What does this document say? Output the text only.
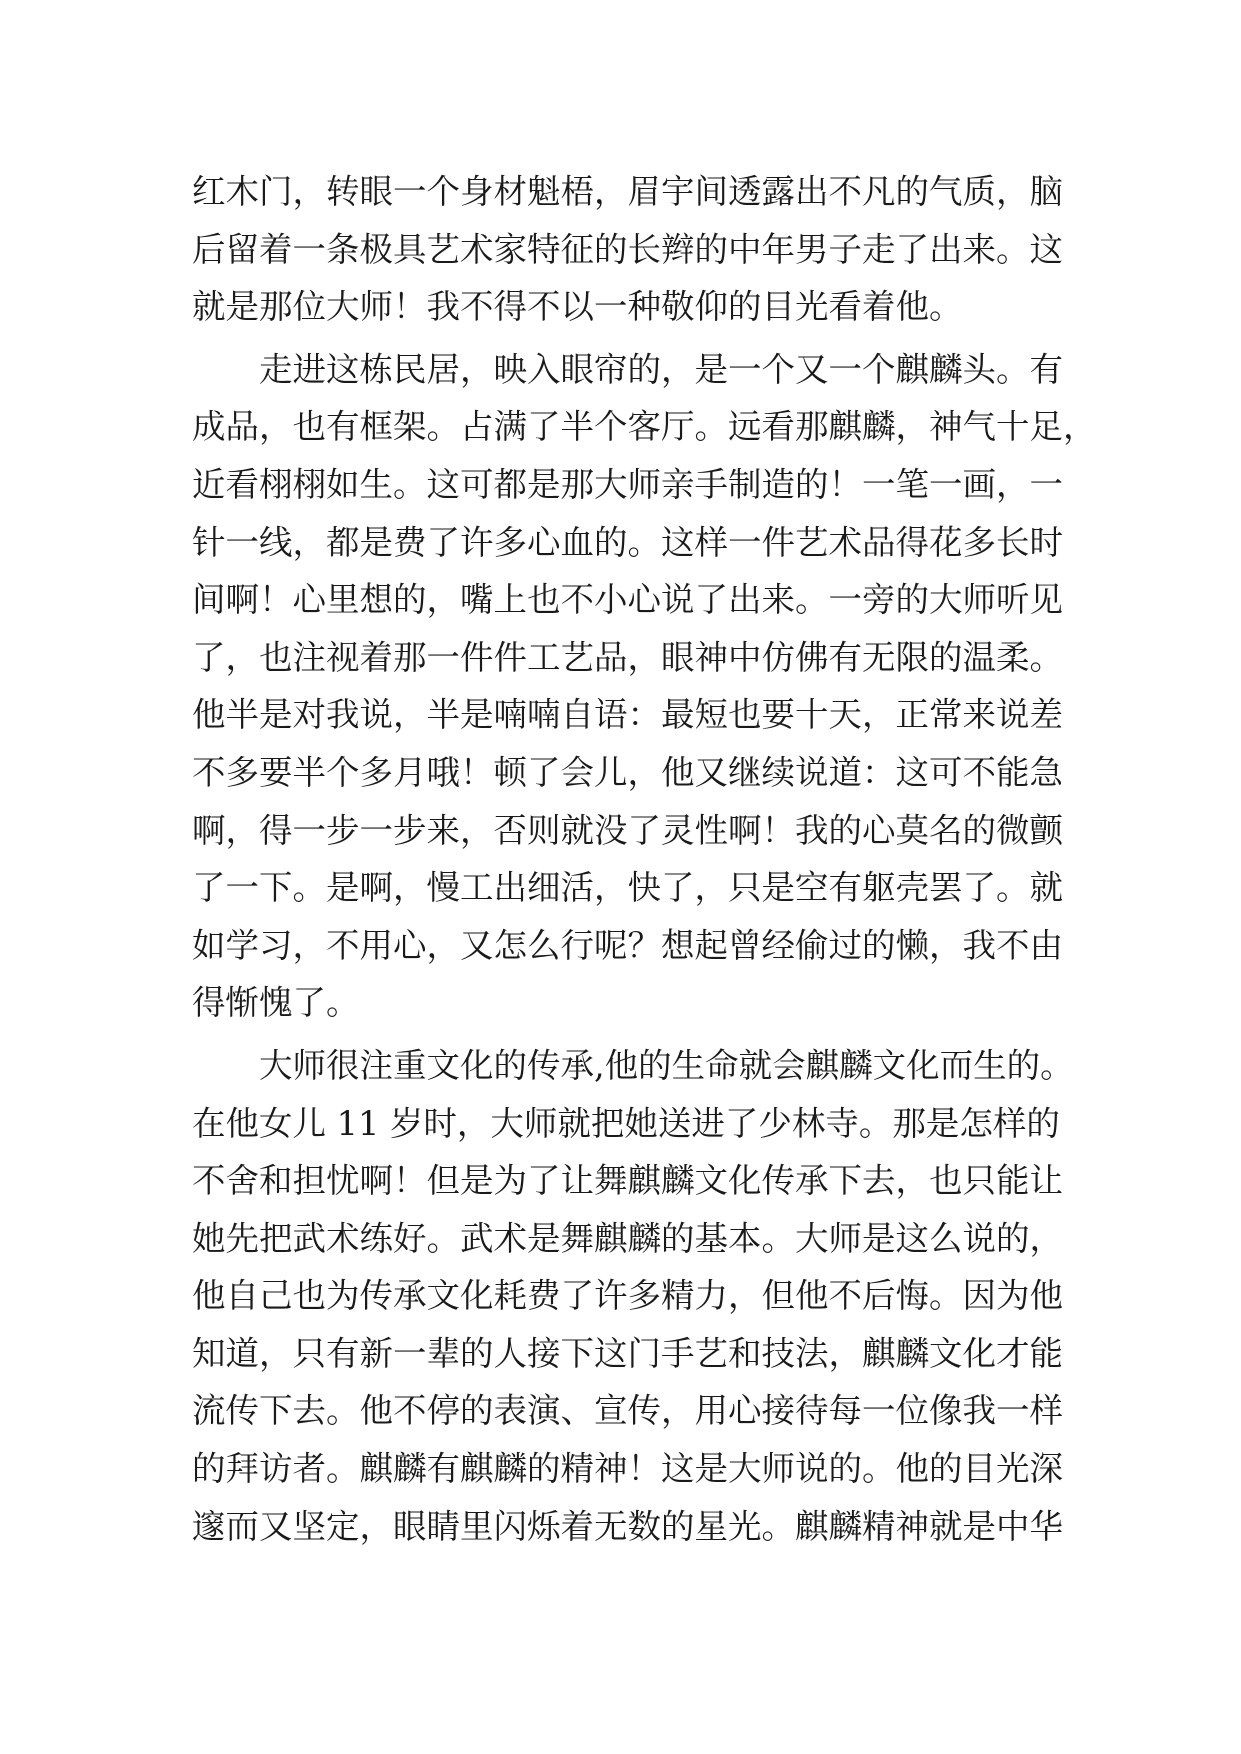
红木门，转眼一个身材魁梧，眉宇间透露出不凡的气质，脑
后留着一条极具艺术家特征的长辫的中年男子走了出来。这
就是那位大师！我不得不以一种敬仰的目光看着他。
　　走进这栋民居，映入眼帘的，是一个又一个麒麟头。有
成品，也有框架。占满了半个客厅。远看那麒麟，神气十足，
近看栩栩如生。这可都是那大师亲手制造的！一笔一画，一
针一线，都是费了许多心血的。这样一件艺术品得花多长时
间啊！心里想的，嘴上也不小心说了出来。一旁的大师听见
了，也注视着那一件件工艺品，眼神中仿佛有无限的温柔。
他半是对我说，半是喃喃自语：最短也要十天，正常来说差
不多要半个多月哦！顿了会儿，他又继续说道：这可不能急
啊，得一步一步来，否则就没了灵性啊！我的心莫名的微颤
了一下。是啊，慢工出细活，快了，只是空有躯壳罢了。就
如学习，不用心，又怎么行呢？想起曾经偷过的懒，我不由
得惭愧了。
　　大师很注重文化的传承,他的生命就会麒麟文化而生的。
在他女儿 11 岁时，大师就把她送进了少林寺。那是怎样的
不舍和担忧啊！但是为了让舞麒麟文化传承下去，也只能让
她先把武术练好。武术是舞麒麟的基本。大师是这么说的，
他自己也为传承文化耗费了许多精力，但他不后悔。因为他
知道，只有新一辈的人接下这门手艺和技法，麒麟文化才能
流传下去。他不停的表演、宣传，用心接待每一位像我一样
的拜访者。麒麟有麒麟的精神！这是大师说的。他的目光深
邃而又坚定，眼睛里闪烁着无数的星光。麒麟精神就是中华
